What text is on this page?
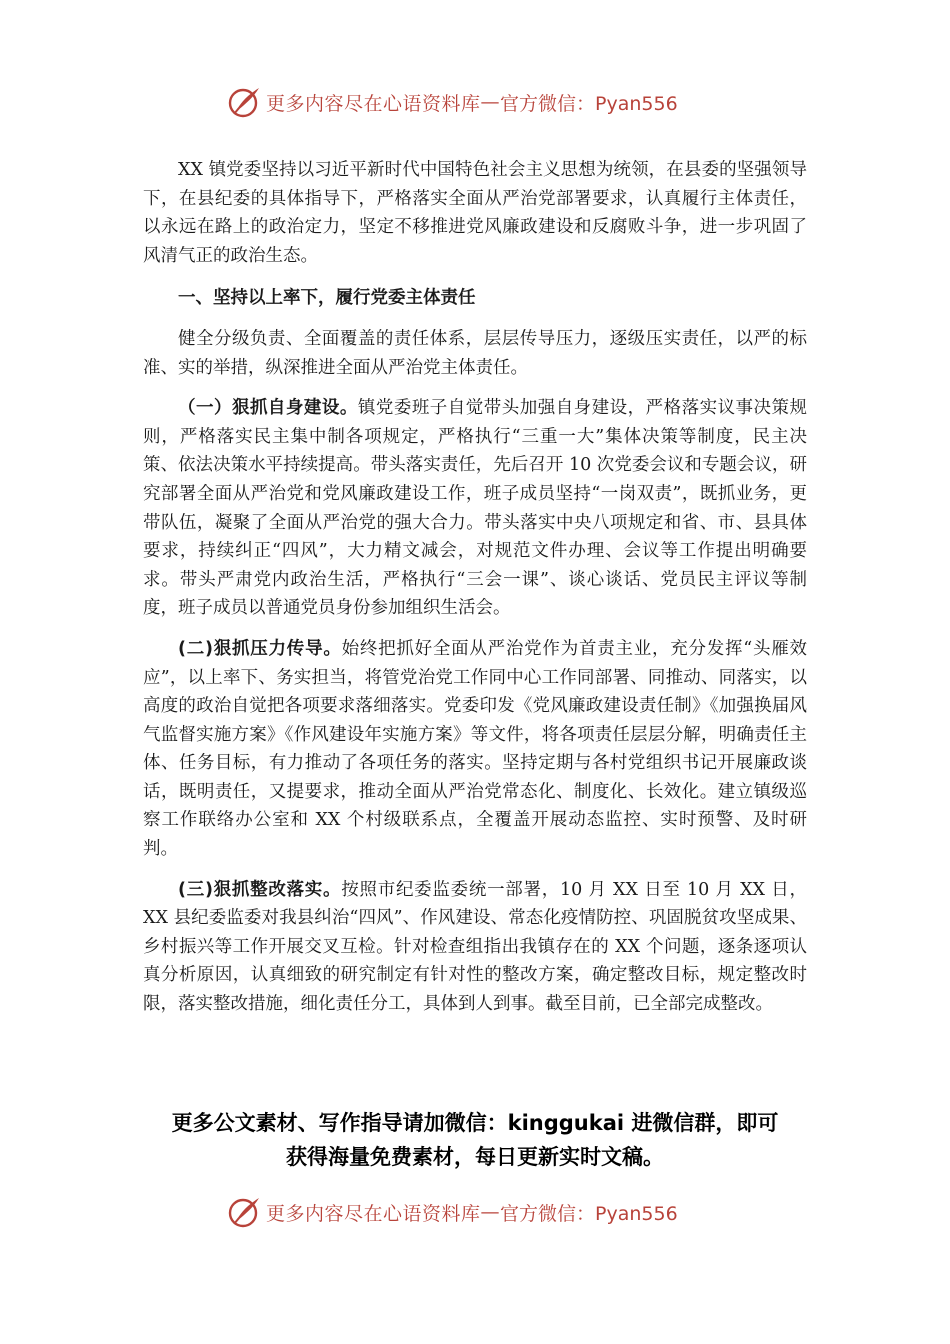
更多内容尽在心语资料库 — 官方微信：Pyan556

XX 镇党委坚持以习近平新时代中国特色社会主义思想为统领，在县委的坚强领导下，在县纪委的具体指导下，严格落实全面从严治党部署要求，认真履行主体责任，以永远在路上的政治定力，坚定不移推进党风廉政建设和反腐败斗争，进一步巩固了风清气正的政治生态。

一、坚持以上率下，履行党委主体责任

健全分级负责、全面覆盖的责任体系，层层传导压力，逐级压实责任，以严的标准、实的举措，纵深推进全面从严治党主体责任。

（一）狠抓自身建设。镇党委班子自觉带头加强自身建设，严格落实议事决策规则，严格落实民主集中制各项规定，严格执行“三重一大”集体决策等制度，民主决策、依法决策水平持续提高。带头落实责任，先后召开 10 次党委会议和专题会议，研究部署全面从严治党和党风廉政建设工作，班子成员坚持“一岗双责”，既抓业务，更带队伍，凝聚了全面从严治党的强大合力。带头落实中央八项规定和省、市、县具体要求，持续纠正“四风”，大力精文减会，对规范文件办理、会议等工作提出明确要求。带头严肃党内政治生活，严格执行“三会一课”、谈心谈话、党员民主评议等制度，班子成员以普通党员身份参加组织生活会。

(二)狠抓压力传导。始终把抓好全面从严治党作为首责主业，充分发挥“头雁效应”，以上率下、务实担当，将管党治党工作同中心工作同部署、同推动、同落实，以高度的政治自觉把各项要求落细落实。党委印发《党风廉政建设责任制》《加强换届风气监督实施方案》《作风建设年实施方案》等文件，将各项责任层层分解，明确责任主体、任务目标，有力推动了各项任务的落实。坚持定期与各村党组织书记开展廉政谈话，既明责任，又提要求，推动全面从严治党常态化、制度化、长效化。建立镇级巡察工作联络办公室和 XX 个村级联系点，全覆盖开展动态监控、实时预警、及时研判。

(三)狠抓整改落实。按照市纪委监委统一部署，10 月 XX 日至 10 月 XX 日，XX 县纪委监委对我县纠治“四风”、作风建设、常态化疫情防控、巩固脱贫攻坚成果、乡村振兴等工作开展交叉互检。针对检查组指出我镇存在的 XX 个问题，逐条逐项认真分析原因，认真细致的研究制定有针对性的整改方案，确定整改目标，规定整改时限，落实整改措施，细化责任分工，具体到人到事。截至目前，已全部完成整改。

更多公文素材、写作指导请加微信：kinggukai 进微信群，即可
获得海量免费素材，每日更新实时文稿。
更多内容尽在心语资料库 — 官方微信：Pyan556
